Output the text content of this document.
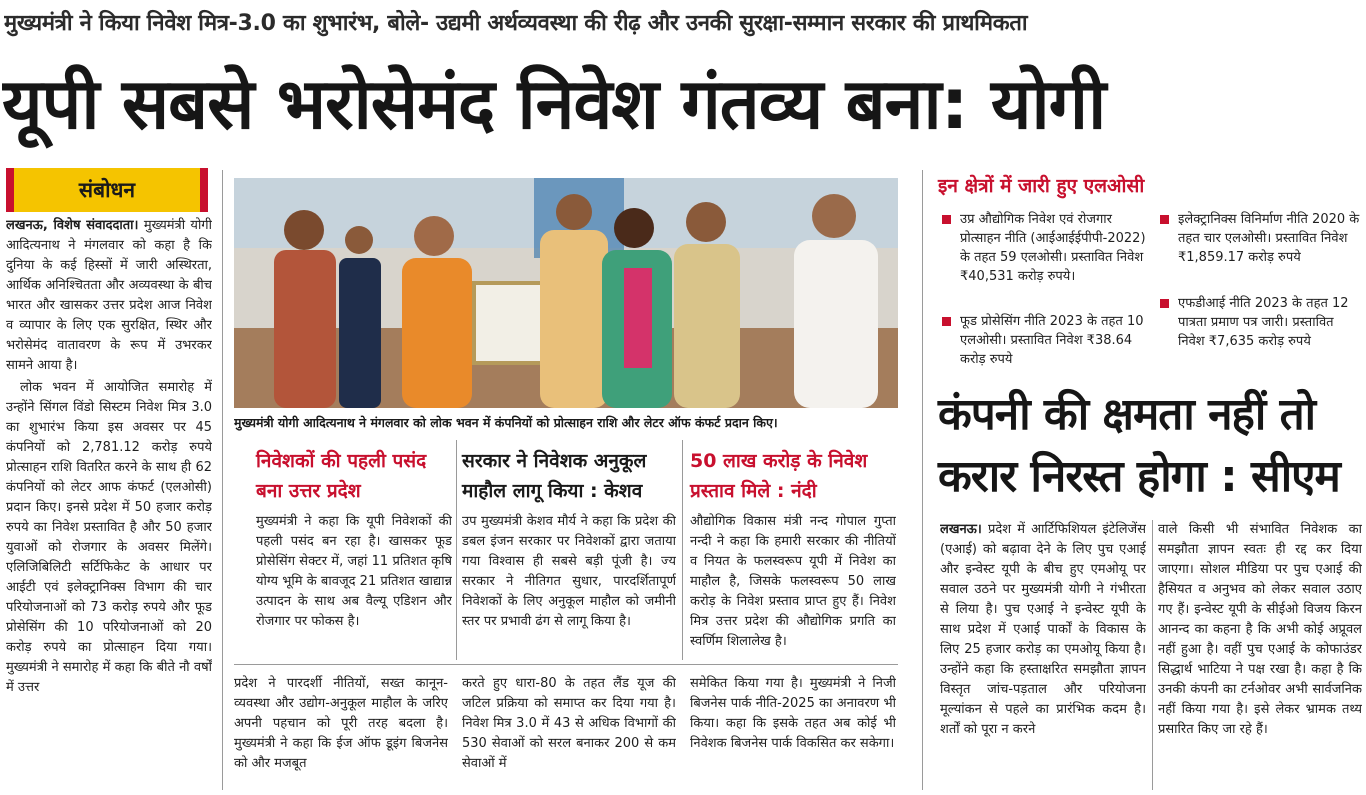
मुख्यमंत्री ने किया निवेश मित्र-3.0 का शुभारंभ, बोले- उद्यमी अर्थव्यवस्था की रीढ़ और उनकी सुरक्षा-सम्मान सरकार की प्राथमिकता
यूपी सबसे भरोसेमंद निवेश गंतव्य बना: योगी
संबोधन

लखनऊ, विशेष संवाददाता। मुख्यमंत्री योगी आदित्यनाथ ने मंगलवार को कहा है कि दुनिया के कई हिस्सों में जारी अस्थिरता, आर्थिक अनिश्चितता और अव्यवस्था के बीच भारत और खासकर उत्तर प्रदेश आज निवेश व व्यापार के लिए एक सुरक्षित, स्थिर और भरोसेमंद वातावरण के रूप में उभरकर सामने आया है।

लोक भवन में आयोजित समारोह में उन्होंने सिंगल विंडो सिस्टम निवेश मित्र 3.0 का शुभारंभ किया इस अवसर पर 45 कंपनियों को 2,781.12 करोड़ रुपये प्रोत्साहन राशि वितरित करने के साथ ही 62 कंपनियों को लेटर आफ कंफर्ट (एलओसी) प्रदान किए। इनसे प्रदेश में 50 हजार करोड़ रुपये का निवेश प्रस्तावित है और 50 हजार युवाओं को रोजगार के अवसर मिलेंगे। एलिजिबिलिटी सर्टिफिकेट के आधार पर आईटी एवं इलेक्ट्रानिक्स विभाग की चार परियोजनाओं को 73 करोड़ रुपये और फूड प्रोसेसिंग की 10 परियोजनाओं को 20 करोड़ रुपये का प्रोत्साहन दिया गया। मुख्यमंत्री ने समारोह में कहा कि बीते नौ वर्षों में उत्तर

मुख्यमंत्री योगी आदित्यनाथ ने मंगलवार को लोक भवन में कंपनियों को प्रोत्साहन राशि और लेटर ऑफ कंफर्ट प्रदान किए।
निवेशकों की पहली पसंद बना उत्तर प्रदेश
मुख्यमंत्री ने कहा कि यूपी निवेशकों की पहली पसंद बन रहा है। खासकर फूड प्रोसेसिंग सेक्टर में, जहां 11 प्रतिशत कृषि योग्य भूमि के बावजूद 21 प्रतिशत खाद्यान्न उत्पादन के साथ अब वैल्यू एडिशन और रोजगार पर फोकस है।
सरकार ने निवेशक अनुकूल माहौल लागू किया : केशव
उप मुख्यमंत्री केशव मौर्य ने कहा कि प्रदेश की डबल इंजन सरकार पर निवेशकों द्वारा जताया गया विश्वास ही सबसे बड़ी पूंजी है। ज्य सरकार ने नीतिगत सुधार, पारदर्शितापूर्ण निवेशकों के लिए अनुकूल माहौल को जमीनी स्तर पर प्रभावी ढंग से लागू किया है।
50 लाख करोड़ के निवेश प्रस्ताव मिले : नंदी
औद्योगिक विकास मंत्री नन्द गोपाल गुप्ता नन्दी ने कहा कि हमारी सरकार की नीतियों व नियत के फलस्वरूप यूपी में निवेश का माहौल है, जिसके फलस्वरूप 50 लाख करोड़ के निवेश प्रस्ताव प्राप्त हुए हैं। निवेश मित्र उत्तर प्रदेश की औद्योगिक प्रगति का स्वर्णिम शिलालेख है।
प्रदेश ने पारदर्शी नीतियों, सख्त कानून-व्यवस्था और उद्योग-अनुकूल माहौल के जरिए अपनी पहचान को पूरी तरह बदला है। मुख्यमंत्री ने कहा कि ईज ऑफ डूइंग बिजनेस को और मजबूत
करते हुए धारा-80 के तहत लैंड यूज की जटिल प्रक्रिया को समाप्त कर दिया गया है। निवेश मित्र 3.0 में 43 से अधिक विभागों की 530 सेवाओं को सरल बनाकर 200 से कम सेवाओं में
समेकित किया गया है। मुख्यमंत्री ने निजी बिजनेस पार्क नीति-2025 का अनावरण भी किया। कहा कि इसके तहत अब कोई भी निवेशक बिजनेस पार्क विकसित कर सकेगा।
इन क्षेत्रों में जारी हुए एलओसी
उप्र औद्योगिक निवेश एवं रोजगार प्रोत्साहन नीति (आईआईईपीपी-2022) के तहत 59 एलओसी। प्रस्तावित निवेश ₹40,531 करोड़ रुपये।
फूड प्रोसेसिंग नीति 2023 के तहत 10 एलओसी। प्रस्तावित निवेश ₹38.64 करोड़ रुपये
इलेक्ट्रानिक्स विनिर्माण नीति 2020 के तहत चार एलओसी। प्रस्तावित निवेश ₹1,859.17 करोड़ रुपये
एफडीआई नीति 2023 के तहत 12 पात्रता प्रमाण पत्र जारी। प्रस्तावित निवेश ₹7,635 करोड़ रुपये
कंपनी की क्षमता नहीं तो करार निरस्त होगा : सीएम
लखनऊ। प्रदेश में आर्टिफिशियल इंटेलिजेंस (एआई) को बढ़ावा देने के लिए पुच एआई और इन्वेस्ट यूपी के बीच हुए एमओयू पर सवाल उठने पर मुख्यमंत्री योगी ने गंभीरता से लिया है। पुच एआई ने इन्वेस्ट यूपी के साथ प्रदेश में एआई पार्कों के विकास के लिए 25 हजार करोड़ का एमओयू किया है। उन्होंने कहा कि हस्ताक्षरित समझौता ज्ञापन विस्तृत जांच-पड़ताल और परियोजना मूल्यांकन से पहले का प्रारंभिक कदम है। शर्तों को पूरा न करने
वाले किसी भी संभावित निवेशक का समझौता ज्ञापन स्वतः ही रद्द कर दिया जाएगा। सोशल मीडिया पर पुच एआई की हैसियत व अनुभव को लेकर सवाल उठाए गए हैं। इन्वेस्ट यूपी के सीईओ विजय किरन आनन्द का कहना है कि अभी कोई अप्रूवल नहीं हुआ है। वहीं पुच एआई के कोफाउंडर सिद्धार्थ भाटिया ने पक्ष रखा है। कहा है कि उनकी कंपनी का टर्नओवर अभी सार्वजनिक नहीं किया गया है। इसे लेकर भ्रामक तथ्य प्रसारित किए जा रहे हैं।
